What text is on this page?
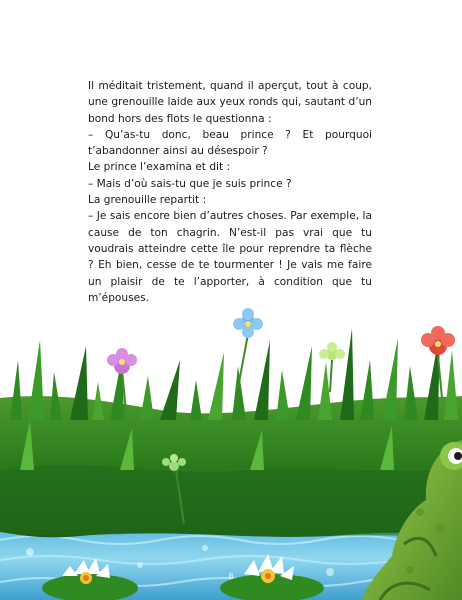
Il méditait tristement, quand il aperçut, tout à coup, une grenouille laide aux yeux ronds qui, sautant d’un bond hors des flots le questionna :

– Qu’as-tu donc, beau prince ? Et pourquoi t’abandonner ainsi au désespoir ?

Le prince l’examina et dit :

– Mais d’où sais-tu que je suis prince ?

La grenouille repartit :

– Je sais encore bien d’autres choses. Par exemple, la cause de ton chagrin. N’est-il pas vrai que tu voudrais atteindre cette île pour reprendre ta flèche ? Eh bien, cesse de te tourmenter ! Je vais me faire un plaisir de te l’apporter, à condition que tu m’épouses.

8
